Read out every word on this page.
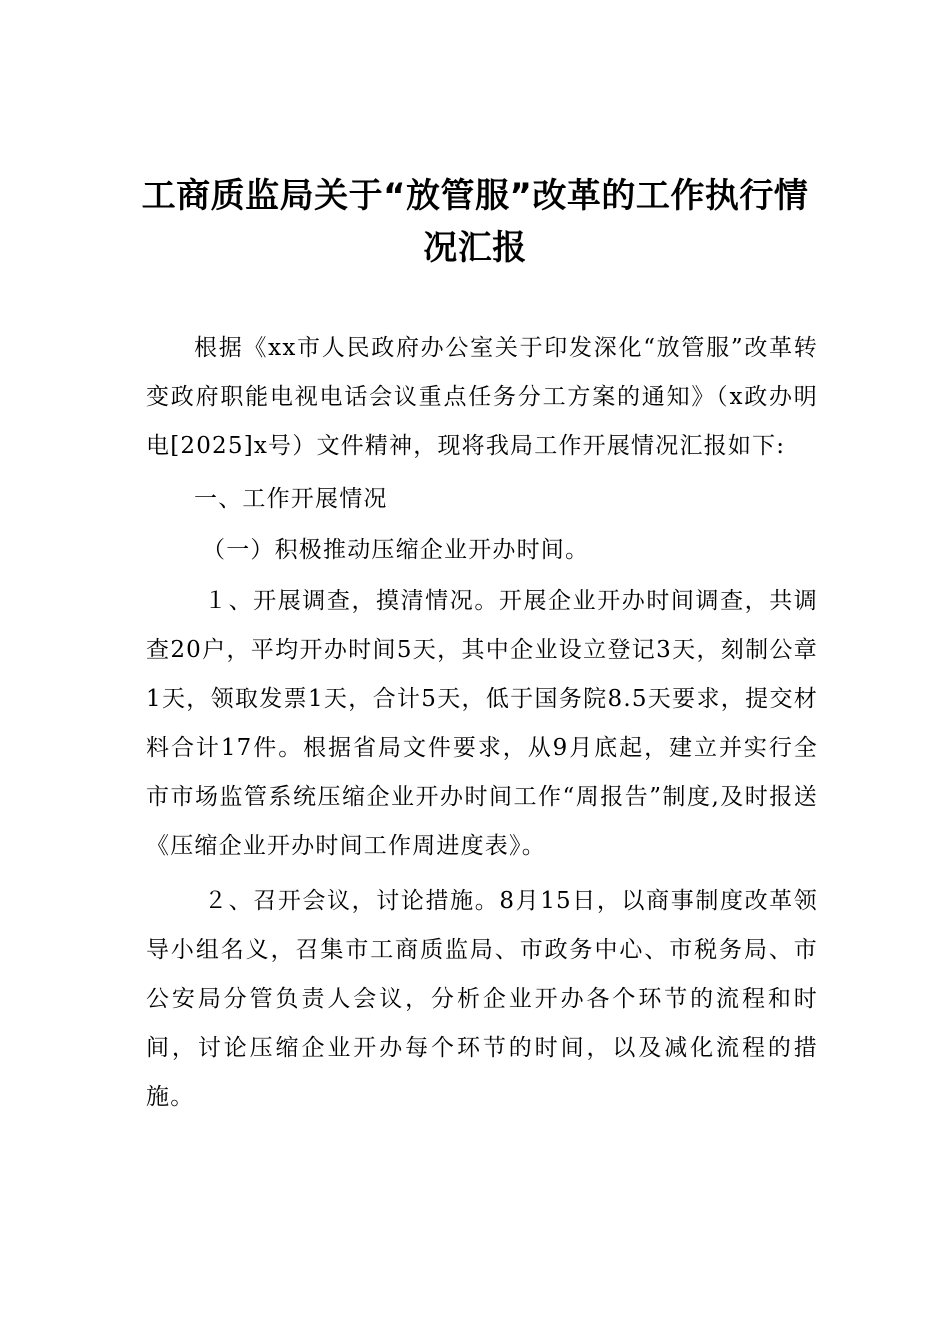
工商质监局关于“放管服”改革的工作执行情况汇报

根据《xx市人民政府办公室关于印发深化“放管服”改革转变政府职能电视电话会议重点任务分工方案的通知》（x政办明电[2025]x号）文件精神，现将我局工作开展情况汇报如下:

一、工作开展情况

（一）积极推动压缩企业开办时间。

１、开展调查，摸清情况。开展企业开办时间调查，共调查20户，平均开办时间5天，其中企业设立登记3天，刻制公章1天，领取发票1天，合计5天，低于国务院8.5天要求，提交材料合计17件。根据省局文件要求，从9月底起，建立并实行全市市场监管系统压缩企业开办时间工作“周报告”制度,及时报送《压缩企业开办时间工作周进度表》。

２、召开会议，讨论措施。8月15日，以商事制度改革领导小组名义，召集市工商质监局、市政务中心、市税务局、市公安局分管负责人会议，分析企业开办各个环节的流程和时间，讨论压缩企业开办每个环节的时间，以及减化流程的措施。
